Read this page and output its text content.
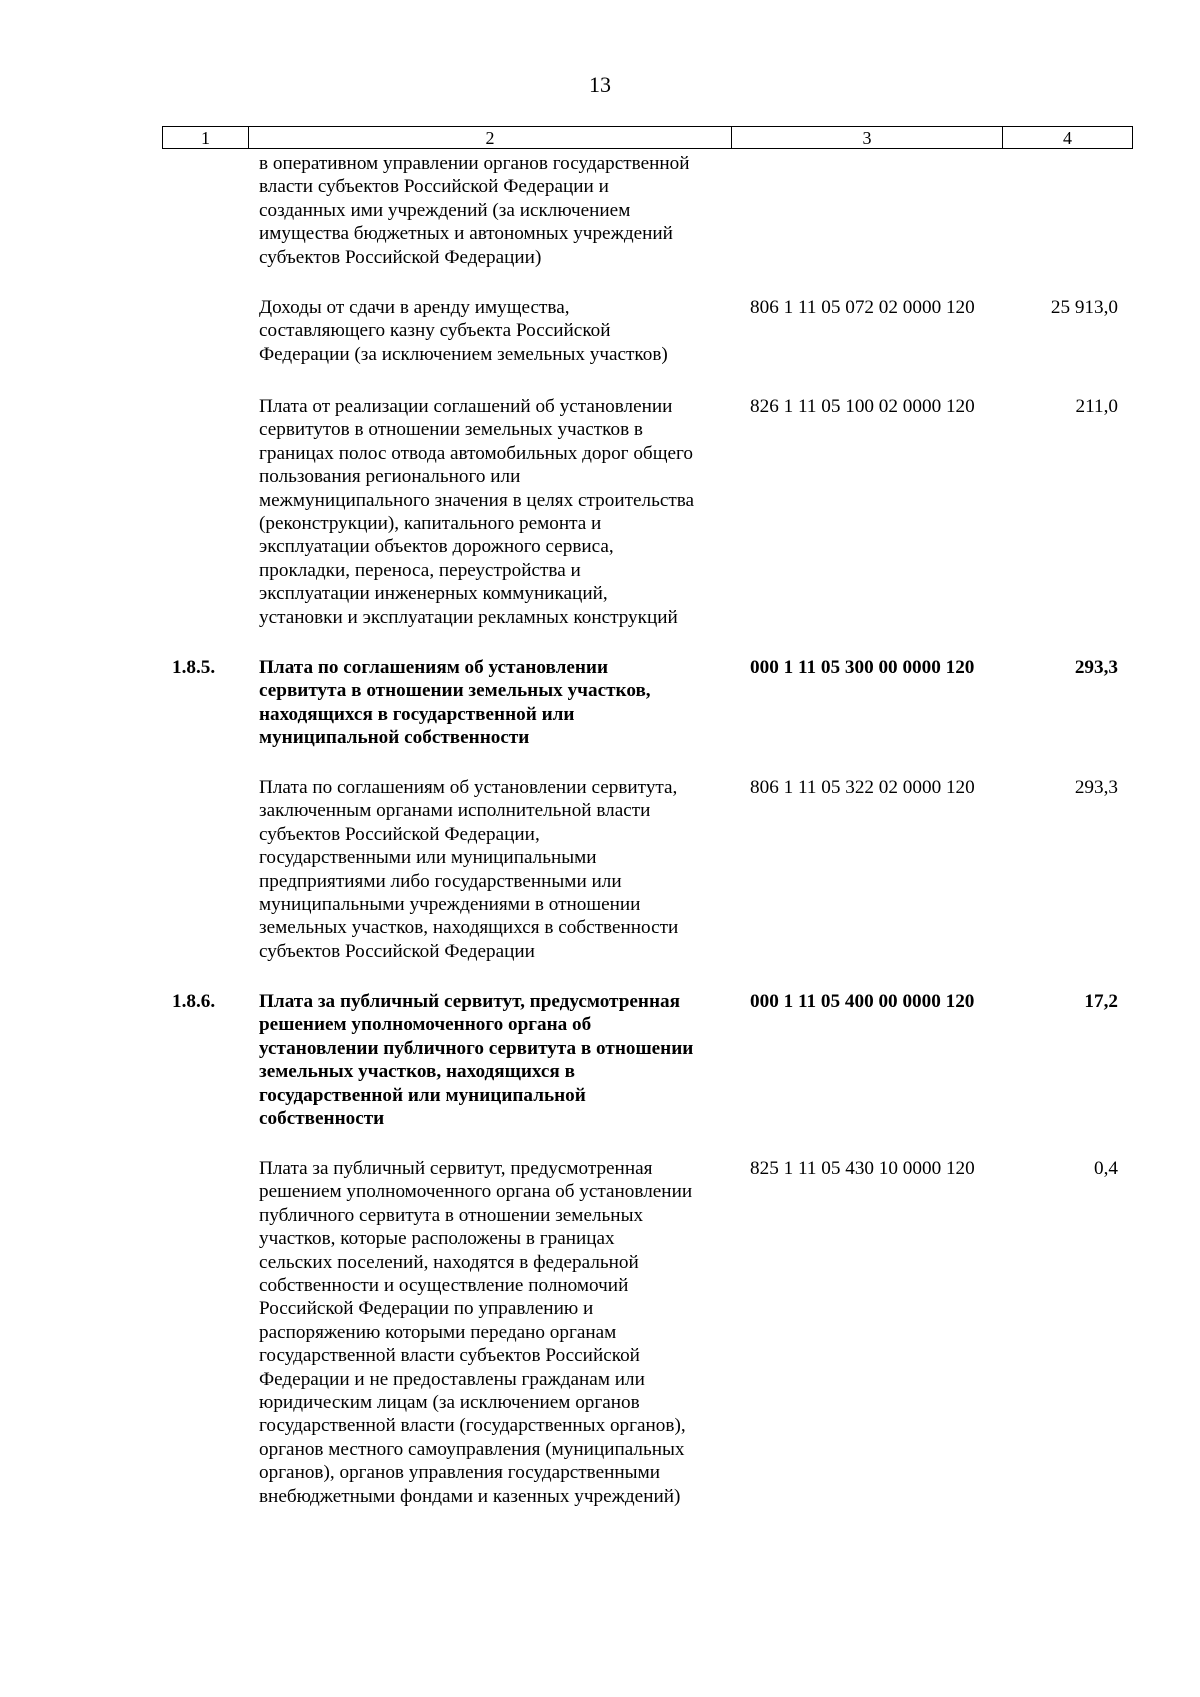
13
1	2	3	4
в оперативном управлении органов государственной
власти субъектов Российской Федерации и
созданных ими учреждений (за исключением
имущества бюджетных и автономных учреждений
субъектов Российской Федерации)
Доходы от сдачи в аренду имущества,
составляющего казну субъекта Российской
Федерации (за исключением земельных участков)
806 1 11 05 072 02 0000 120	25 913,0
Плата от реализации соглашений об установлении
сервитутов в отношении земельных участков в
границах полос отвода автомобильных дорог общего
пользования регионального или
межмуниципального значения в целях строительства
(реконструкции), капитального ремонта и
эксплуатации объектов дорожного сервиса,
прокладки, переноса, переустройства и
эксплуатации инженерных коммуникаций,
установки и эксплуатации рекламных конструкций
826 1 11 05 100 02 0000 120	211,0
1.8.5.	Плата по соглашениям об установлении
сервитута в отношении земельных участков,
находящихся в государственной или
муниципальной собственности
000 1 11 05 300 00 0000 120	293,3
Плата по соглашениям об установлении сервитута,
заключенным органами исполнительной власти
субъектов Российской Федерации,
государственными или муниципальными
предприятиями либо государственными или
муниципальными учреждениями в отношении
земельных участков, находящихся в собственности
субъектов Российской Федерации
806 1 11 05 322 02 0000 120	293,3
1.8.6.	Плата за публичный сервитут, предусмотренная
решением уполномоченного органа об
установлении публичного сервитута в отношении
земельных участков, находящихся в
государственной или муниципальной
собственности
000 1 11 05 400 00 0000 120	17,2
Плата за публичный сервитут, предусмотренная
решением уполномоченного органа об установлении
публичного сервитута в отношении земельных
участков, которые расположены в границах
сельских поселений, находятся в федеральной
собственности и осуществление полномочий
Российской Федерации по управлению и
распоряжению которыми передано органам
государственной власти субъектов Российской
Федерации и не предоставлены гражданам или
юридическим лицам (за исключением органов
государственной власти (государственных органов),
органов местного самоуправления (муниципальных
органов), органов управления государственными
внебюджетными фондами и казенных учреждений)
825 1 11 05 430 10 0000 120	0,4
